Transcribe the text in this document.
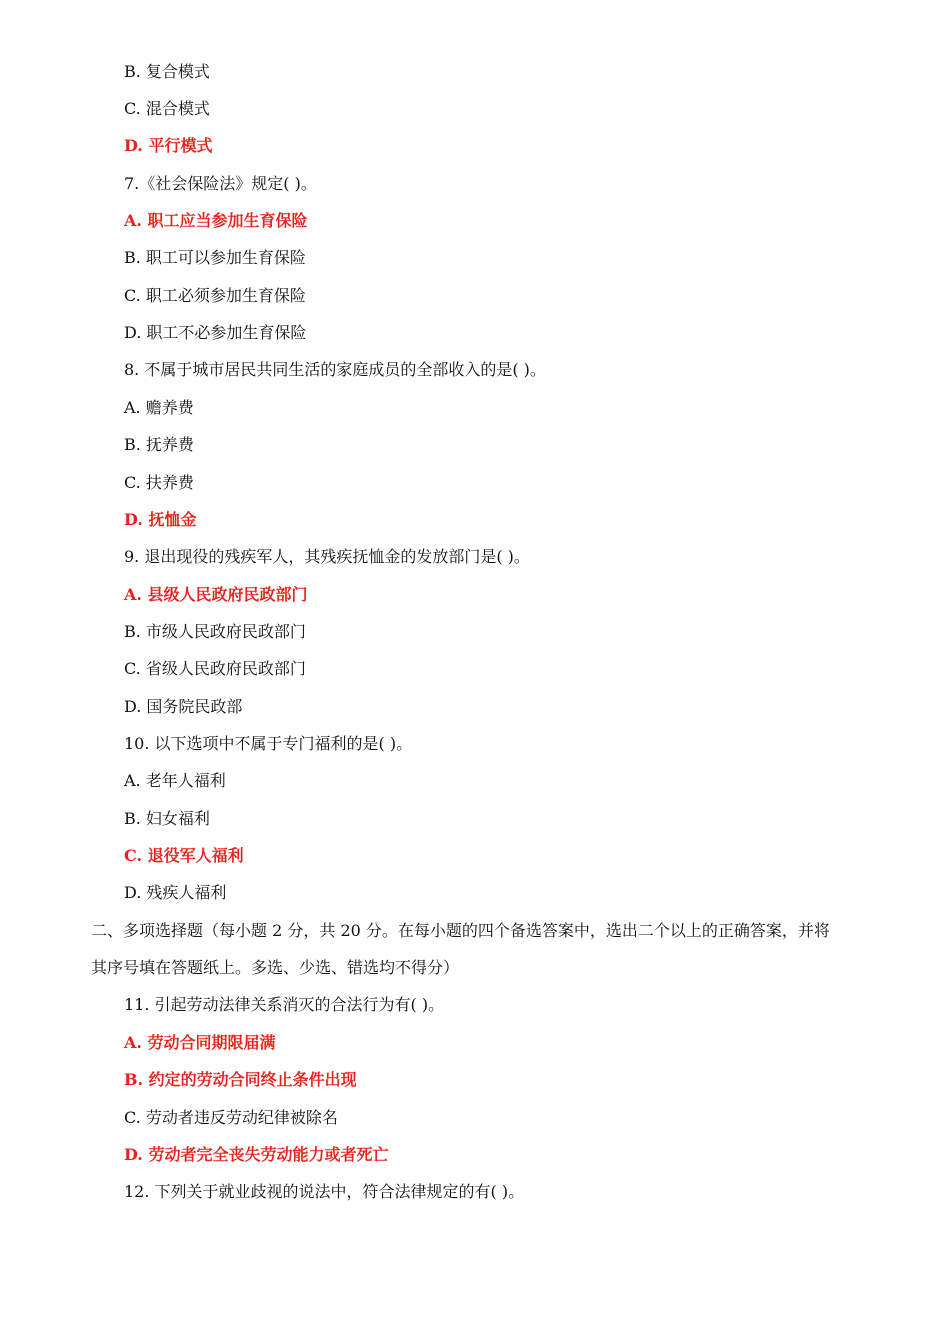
B. 复合模式
C. 混合模式
D. 平行模式
7.《社会保险法》规定( )。
A. 职工应当参加生育保险
B. 职工可以参加生育保险
C. 职工必须参加生育保险
D. 职工不必参加生育保险
8. 不属于城市居民共同生活的家庭成员的全部收入的是( )。
A. 赡养费
B. 抚养费
C. 扶养费
D. 抚恤金
9. 退出现役的残疾军人，其残疾抚恤金的发放部门是( )。
A. 县级人民政府民政部门
B. 市级人民政府民政部门
C. 省级人民政府民政部门
D. 国务院民政部
10. 以下选项中不属于专门福利的是( )。
A. 老年人福利
B. 妇女福利
C. 退役军人福利
D. 残疾人福利
二、多项选择题（每小题 2 分，共 20 分。在每小题的四个备选答案中，选出二个以上的正确答案，并将
其序号填在答题纸上。多选、少选、错选均不得分）
11. 引起劳动法律关系消灭的合法行为有( )。
A. 劳动合同期限届满
B. 约定的劳动合同终止条件出现
C. 劳动者违反劳动纪律被除名
D. 劳动者完全丧失劳动能力或者死亡
12. 下列关于就业歧视的说法中，符合法律规定的有( )。
